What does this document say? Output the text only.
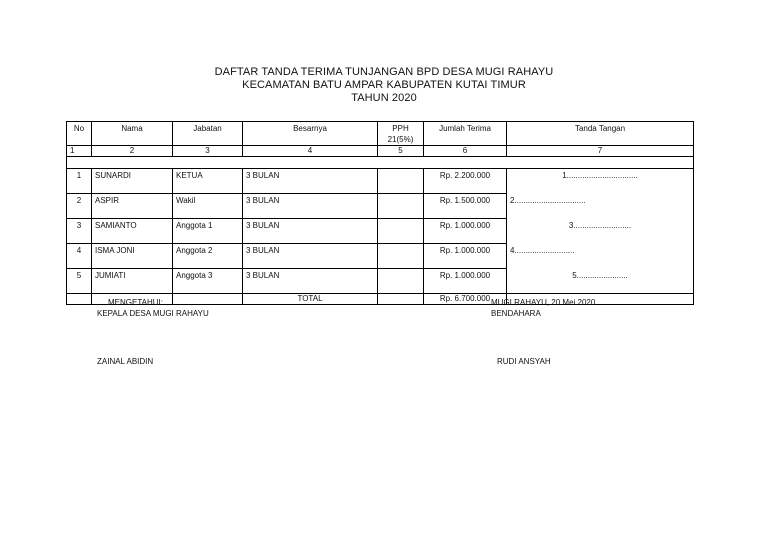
DAFTAR TANDA TERIMA TUNJANGAN BPD DESA MUGI RAHAYU
KECAMATAN BATU AMPAR KABUPATEN KUTAI TIMUR
TAHUN 2020
No	Nama	Jabatan	Besarnya	PPH 21(5%)	Jumlah Terima	Tanda Tangan
1	2	3	4	5	6	7

1	SUNARDI	KETUA	3 BULAN		Rp. 2.200.000	1................................

2	ASPIR	Wakil	3 BULAN		Rp. 1.500.000	2................................

3	SAMIANTO	Anggota 1	3 BULAN		Rp. 1.000.000	3..........................

4	ISMA JONI	Anggota 2	3 BULAN		Rp. 1.000.000	4...........................

5	JUMIATI	Anggota 3	3 BULAN		Rp. 1.000.000	5.......................

			TOTAL		Rp. 6.700.000	
MENGETAHUI:
KEPALA DESA MUGI RAHAYU
ZAINAL ABIDIN
MUGI RAHAYU, 20 Mei 2020
BENDAHARA
RUDI ANSYAH
